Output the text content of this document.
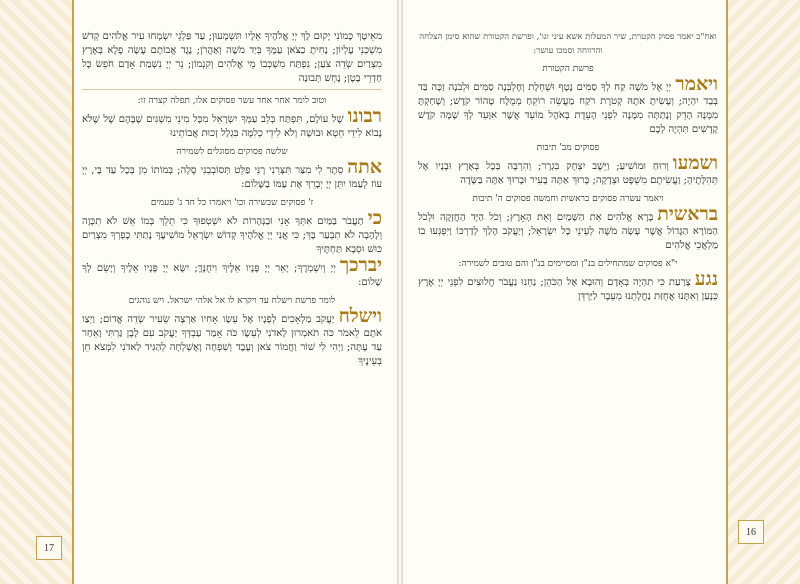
17

מאֵיטָךְ כָּמוֹנִי יָקוּם לָךְ יְיָ אֱלֹהֶיךָ אֵלָיו תִּשְׁמָעוּן; עַד פַּלְגֵי יִשְׂמְחוּ עִיר אֱלֹהִים קְדשׁ מִשְׁכְּנֵי עֶלְיוֹן; נָחִיתָ כַצֹּאן עַמֶּךָ בְּיַד מֹשֶׁה וְאַהֲרֹן; נֶגֶד אֲבוֹתָם עָשָׂה פֶלֶא בְּאֶרֶץ מִצְרַיִם שְׂדֵה צֹעַן; נִפְתַּח מִשְׁכְּבוֹ מֵי אֱלֹהִים וְקִנְמוֹן; נֵר יְיָ נִשְׁמַת אָדָם חֹפֵשׂ כָּל חַדְרֵי בָטֶן; נֶחְשׁ תְּבוּנָה

וטוב לומר אחר אחד עשר פסוקים אלו, תפלה קצרה זו:

רבונושֶׁל עוֹלָם, תִּפְתַּח בְּלֵב עַמְּךָ יִשְׂרָאֵל מִכָּל מִינֵי מִשְׁגִּים שֶׁבָּהֶם שֶׁל שֶׁלֹּא נָבוֹא לִידֵי חֵטְא וּבוּשָׁה וְלֹא לִידֵי כְלִמָּה בִּגְלַל זְכוּת אֲבוֹתֵינוּ

שלשה פסוקים מסוגלים לשמירה

אתהסֵתֶר לִי מִצַּר תִּצְּרֵנִי רָנֵּי פַלֵּט תְּסוֹבְבֵנִי סֶלָה; בְּמוֹתוֹ מִן בְּכָל עַד בָּי, יְיָ עוֹז לְעַמּוֹ יִתֵּן יְיָ יְבָרֵךְ אֶת עַמּוֹ בַשָּׁלוֹם:

ז' פסוקים שבשירה וכו' ויאמרו כל חד ג' פעמים

כיתַעֲבֹר בַּמַּיִם אִתְּךָ אָנִי וּבַנְּהָרוֹת לֹא יִשְׁטְפוּךָ כִּי תֵלֵךְ בְּמוֹ אֵשׁ לֹא תִכָּוֶה וְלֶהָבָה לֹא תִבְעַר בָּךְ; כִּי אֲנִי יְיָ אֱלֹהֶיךָ קְדוֹשׁ יִשְׂרָאֵל מוֹשִׁיעֶךָ נָתַתִּי כָפְרְךָ מִצְרַיִם כּוּשׁ וּסְבָא תַּחְתֶּיךָ

יברכךיְיָ וְיִשְׁמְרֶךָ; יָאֵר יְיָ פָּנָיו אֵלֶיךָ וִיחֻנֶּךָּ; יִשָּׂא יְיָ פָּנָיו אֵלֶיךָ וְיָשֵׂם לְךָ שָׁלוֹם:

לומר פרשת וישלח עד ויקרא לו אל אלהי ישראל. ויש נוהגים

וישלחיַעֲקֹב מַלְאָכִים לְפָנָיו אֶל עֵשָׂו אָחִיו אַרְצָה שֵׂעִיר שְׂדֵה אֱדוֹם; וַיְצַו אֹתָם לֵאמֹר כֹּה תֹאמְרוּן לַאדֹנִי לְעֵשָׂו כֹּה אָמַר עַבְדְּךָ יַעֲקֹב עִם לָבָן גַּרְתִּי וָאֵחַר עַד עָתָּה; וַיְהִי לִי שׁוֹר וַחֲמוֹר צֹאן וְעֶבֶד וְשִׁפְחָה וָאֶשְׁלְחָה לְהַגִּיד לַאדֹנִי לִמְצֹא חֵן בְּעֵינֶיךָ

16

ואח"כ יאמר פסוק הקטרת, שיר המעלות אשא עיני וגו', ופרשת הקטורת שהוא סימן הצלחה והרווחה וסמכו עושר:

פרשת הקטורת

ויאמריְיָ אֶל מֹשֶׁה קַח לְךָ סַמִּים נָטָף וּשְׁחֵלֶת וְחֶלְבְּנָה סַמִּים וּלְבֹנָה זַכָּה בַּד בְּבַד יִהְיֶה; וְעָשִׂיתָ אֹתָהּ קְטֹרֶת רֹקַח מַעֲשֵׂה רוֹקֵחַ מְמֻלָּח טָהוֹר קֹדֶשׁ; וְשָׁחַקְתָּ מִמֶּנָּה הָדֵק וְנָתַתָּה מִמֶּנָּה לִפְנֵי הָעֵדֻת בְּאֹהֶל מוֹעֵד אֲשֶׁר אִוָּעֵד לְךָ שָׁמָּה קֹדֶשׁ קָדָשִׁים תִּהְיֶה לָכֶם

פסוקים מב' תיבות

ושמעווְרוּחַ וּמוֹשִׁיעַ; וַיֵּשֶׁב יִצְחָק בִּגְרָר; וְהִרְבָּה בְּכָל בְּאֶרֶץ וּבָנָיו אֶל תְּהִלָּתֶיהָ; וַעֲשִׂיתֶם מִשְׁפָּט וּצְדָקָה; בָּרוּךְ אַתָּה בָּעִיר וּבָרוּךְ אַתָּה בַּשָּׂדֶה

ויאמר עשרה פסוקים בראשית וחמשה פסוקים ה' תיבות

בראשיתבָּרָא אֱלֹהִים אֵת הַשָּׁמַיִם וְאֵת הָאָרֶץ; וְכֹל הַיָּד הַחֲזָקָה וּלְכֹל הַמּוֹרָא הַגָּדוֹל אֲשֶׁר עָשָׂה מֹשֶׁה לְעֵינֵי כָּל יִשְׂרָאֵל; וְיַעֲקֹב הָלַךְ לְדַרְכּוֹ וַיִּפְגְּעוּ בוֹ מַלְאֲכֵי אֱלֹהִים

י"א פסוקים שמתחילים בנ"ן ומסיימים בנ"ן והם טובים לשמירה:

נגעצָרַעַת כִּי תִהְיֶה בְּאָדָם וְהוּבָא אֶל הַכֹּהֵן; נַחְנוּ נַעֲבֹר חֲלוּצִים לִפְנֵי יְיָ אֶרֶץ כְּנָעַן וְאִתָּנוּ אֲחֻזַּת נַחֲלָתֵנוּ מֵעֵבֶר לַיַּרְדֵּן
